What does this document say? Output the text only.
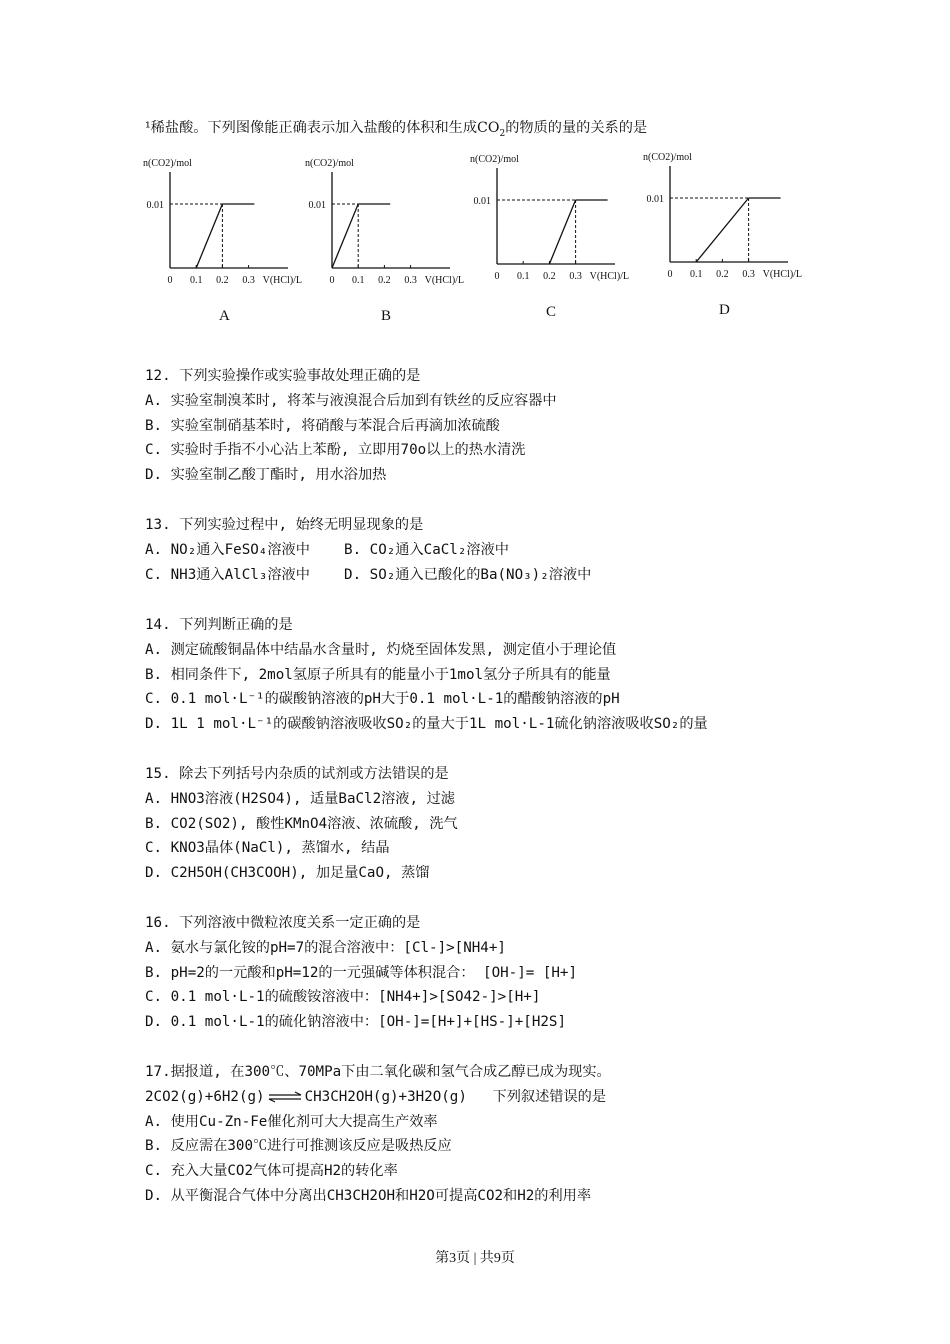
¹稀盐酸。下列图像能正确表示加入盐酸的体积和生成$CO_2$的物质的量的关系的是
n(CO2)/mol
0.01
0 0.1 0.2 0.3 V(HCl)/L
A
n(CO2)/mol
0.01
0 0.1 0.2 0.3 V(HCl)/L
B
n(CO2)/mol
0.01
0 0.1 0.2 0.3 V(HCl)/L
C
n(CO2)/mol
0.01
0 0.1 0.2 0.3 V(HCl)/L
D
12. 下列实验操作或实验事故处理正确的是
A. 实验室制溴苯时, 将苯与液溴混合后加到有铁丝的反应容器中
B. 实验室制硝基苯时, 将硝酸与苯混合后再滴加浓硫酸
C. 实验时手指不小心沾上苯酚, 立即用70o以上的热水清洗
D. 实验室制乙酸丁酯时, 用水浴加热
13. 下列实验过程中, 始终无明显现象的是
A. NO₂通入FeSO₄溶液中    B. CO₂通入CaCl₂溶液中
C. NH3通入AlCl₃溶液中    D. SO₂通入已酸化的Ba(NO₃)₂溶液中
14. 下列判断正确的是
A. 测定硫酸铜晶体中结晶水含量时, 灼烧至固体发黑, 测定值小于理论值
B. 相同条件下, 2mol氢原子所具有的能量小于1mol氢分子所具有的能量
C. 0.1 mol·L⁻¹的碳酸钠溶液的pH大于0.1 mol·L-1的醋酸钠溶液的pH
D. 1L 1 mol·L⁻¹的碳酸钠溶液吸收SO₂的量大于1L mol·L-1硫化钠溶液吸收SO₂的量
15. 除去下列括号内杂质的试剂或方法错误的是
A. HNO3溶液(H2SO4), 适量BaCl2溶液, 过滤
B. CO2(SO2), 酸性KMnO4溶液、浓硫酸, 洗气
C. KNO3晶体(NaCl), 蒸馏水, 结晶
D. C2H5OH(CH3COOH), 加足量CaO, 蒸馏
16. 下列溶液中微粒浓度关系一定正确的是
A. 氨水与氯化铵的pH=7的混合溶液中：[Cl-]>[NH4+]
B. pH=2的一元酸和pH=12的一元强碱等体积混合： [OH-]= [H+]
C. 0.1 mol·L-1的硫酸铵溶液中：[NH4+]>[SO42-]>[H+]
D. 0.1 mol·L-1的硫化钠溶液中：[OH-]=[H+]+[HS-]+[H2S]
17.据报道, 在300℃、70MPa下由二氧化碳和氢气合成乙醇已成为现实。
2CO2(g)+6H2(g) ⇌ CH3CH2OH(g)+3H2O(g)   下列叙述错误的是
A. 使用Cu-Zn-Fe催化剂可大大提高生产效率
B. 反应需在300℃进行可推测该反应是吸热反应
C. 充入大量CO2气体可提高H2的转化率
D. 从平衡混合气体中分离出CH3CH2OH和H2O可提高CO2和H2的利用率
第3页 | 共9页
